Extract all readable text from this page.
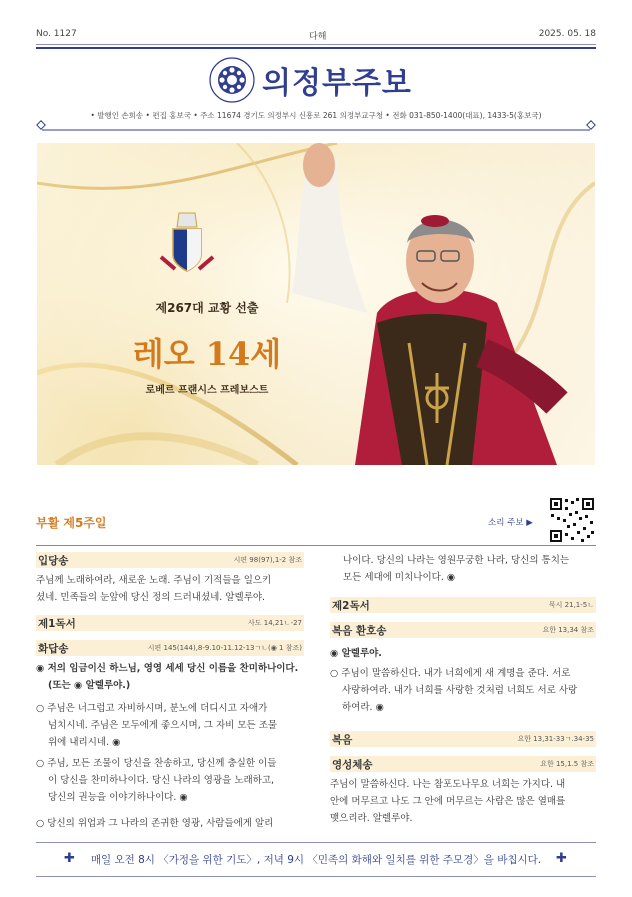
No. 1127	다해	2025. 05. 18
의정부주보
• 발행인 손희송 • 편집 홍보국 • 주소 11674 경기도 의정부시 신흥로 261 의정부교구청 • 전화 031-850-1400(대표), 1433-5(홍보국)
제267대 교황 선출
레오 14세
로베르 프랜시스 프레보스트
부활 제5주일	소리 주보 ▶
입당송	시편 98(97),1-2 참조
주님께 노래하여라, 새로운 노래. 주님이 기적들을 일으키
셨네. 민족들의 눈앞에 당신 정의 드러내셨네. 알렐루야.
제1독서	사도 14,21ㄴ-27
화답송	시편 145(144),8-9.10-11.12-13ㄱㄴ(◉ 1 참조)
◉ 저의 임금이신 하느님, 영영 세세 당신 이름을 찬미하나이다.
(또는 ◉ 알렐루야.)
○ 주님은 너그럽고 자비하시며, 분노에 더디시고 자애가
넘치시네. 주님은 모두에게 좋으시며, 그 자비 모든 조물
위에 내리시네. ◉
○ 주님, 모든 조물이 당신을 찬송하고, 당신께 충실한 이들
이 당신을 찬미하나이다. 당신 나라의 영광을 노래하고,
당신의 권능을 이야기하나이다. ◉
○ 당신의 위업과 그 나라의 존귀한 영광, 사람들에게 알리
나이다. 당신의 나라는 영원무궁한 나라, 당신의 통치는
모든 세대에 미치나이다. ◉
제2독서	묵시 21,1-5ㄴ
복음 환호송	요한 13,34 참조
◉ 알렐루야.
○ 주님이 말씀하신다. 내가 너희에게 새 계명을 준다. 서로
사랑하여라. 내가 너희를 사랑한 것처럼 너희도 서로 사랑
하여라. ◉
복음	요한 13,31-33ㄱ.34-35
영성체송	요한 15,1.5 참조
주님이 말씀하신다. 나는 참포도나무요 너희는 가지다. 내
안에 머무르고 나도 그 안에 머무르는 사람은 많은 열매를
맺으리라. 알렐루야.
✚	매일 오전 8시 〈가정을 위한 기도〉, 저녁 9시 〈민족의 화해와 일치를 위한 주모경〉을 바칩시다.	✚
